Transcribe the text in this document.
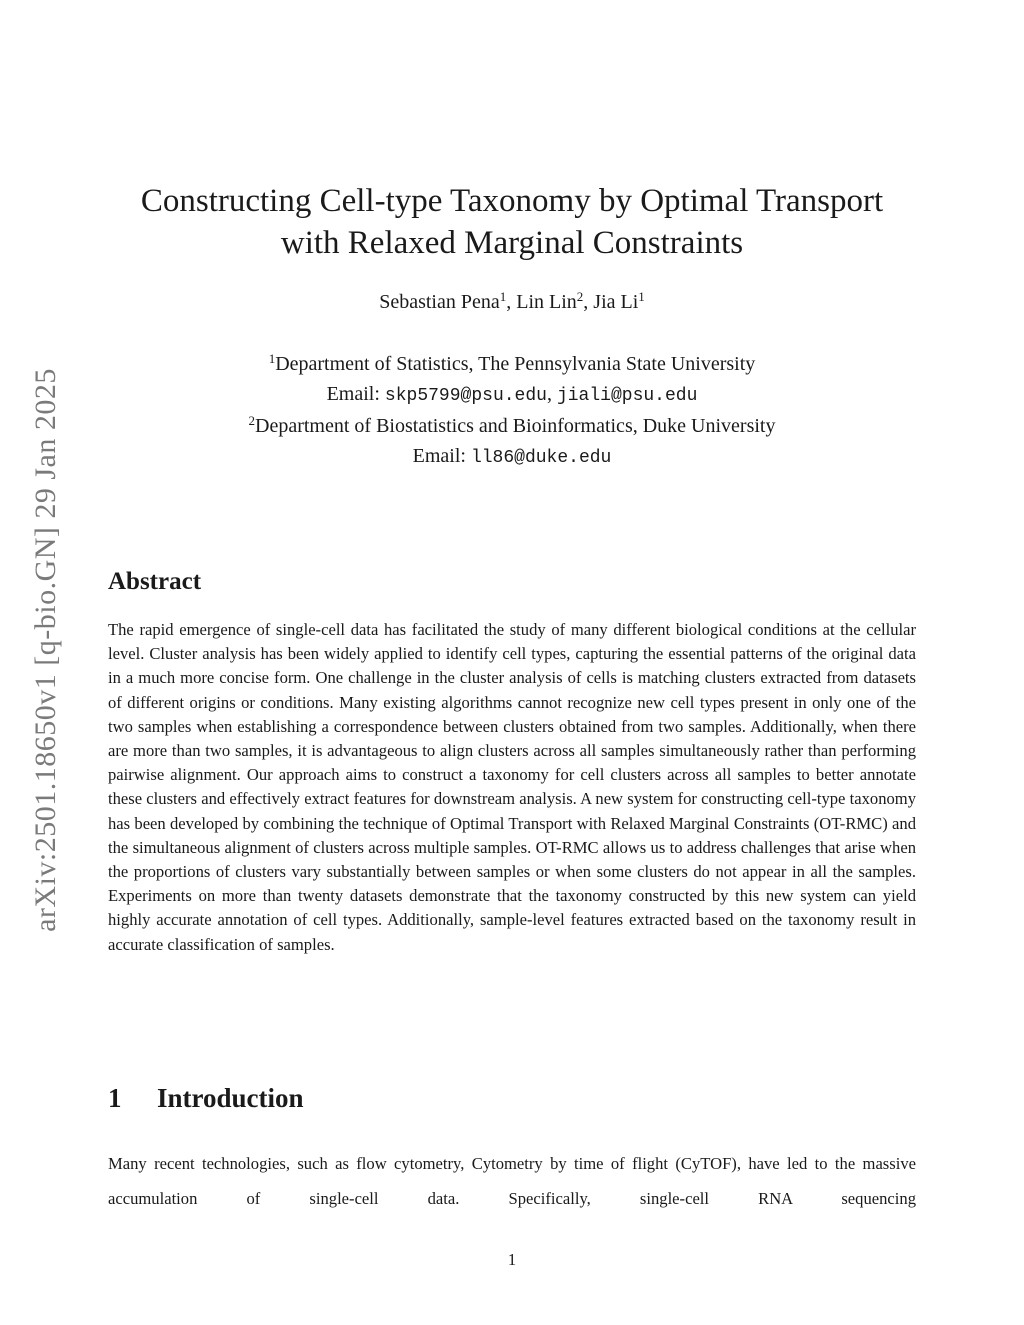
arXiv:2501.18650v1 [q-bio.GN] 29 Jan 2025
Constructing Cell-type Taxonomy by Optimal Transport
with Relaxed Marginal Constraints
Sebastian Pena$^1$, Lin Lin$^2$, Jia Li$^1$
$^1$Department of Statistics, The Pennsylvania State University
Email: skp5799@psu.edu, jiali@psu.edu
$^2$Department of Biostatistics and Bioinformatics, Duke University
Email: ll86@duke.edu
Abstract
The rapid emergence of single-cell data has facilitated the study of many different biological conditions at the cellular level. Cluster analysis has been widely applied to identify cell types, capturing the essential patterns of the original data in a much more concise form. One challenge in the cluster analysis of cells is matching clusters extracted from datasets of different origins or conditions. Many existing algorithms cannot recognize new cell types present in only one of the two samples when establishing a correspondence between clusters obtained from two samples. Additionally, when there are more than two samples, it is advantageous to align clusters across all samples simultaneously rather than performing pairwise alignment. Our approach aims to construct a taxonomy for cell clusters across all samples to better annotate these clusters and effectively extract features for downstream analysis. A new system for constructing cell-type taxonomy has been developed by combining the technique of Optimal Transport with Relaxed Marginal Constraints (OT-RMC) and the simultaneous alignment of clusters across multiple samples. OT-RMC allows us to address challenges that arise when the proportions of clusters vary substantially between samples or when some clusters do not appear in all the samples. Experiments on more than twenty datasets demonstrate that the taxonomy constructed by this new system can yield highly accurate annotation of cell types. Additionally, sample-level features extracted based on the taxonomy result in accurate classification of samples.
1 Introduction
Many recent technologies, such as flow cytometry, Cytometry by time of flight (CyTOF), have led to the massive accumulation of single-cell data. Specifically, single-cell RNA sequencing
1
